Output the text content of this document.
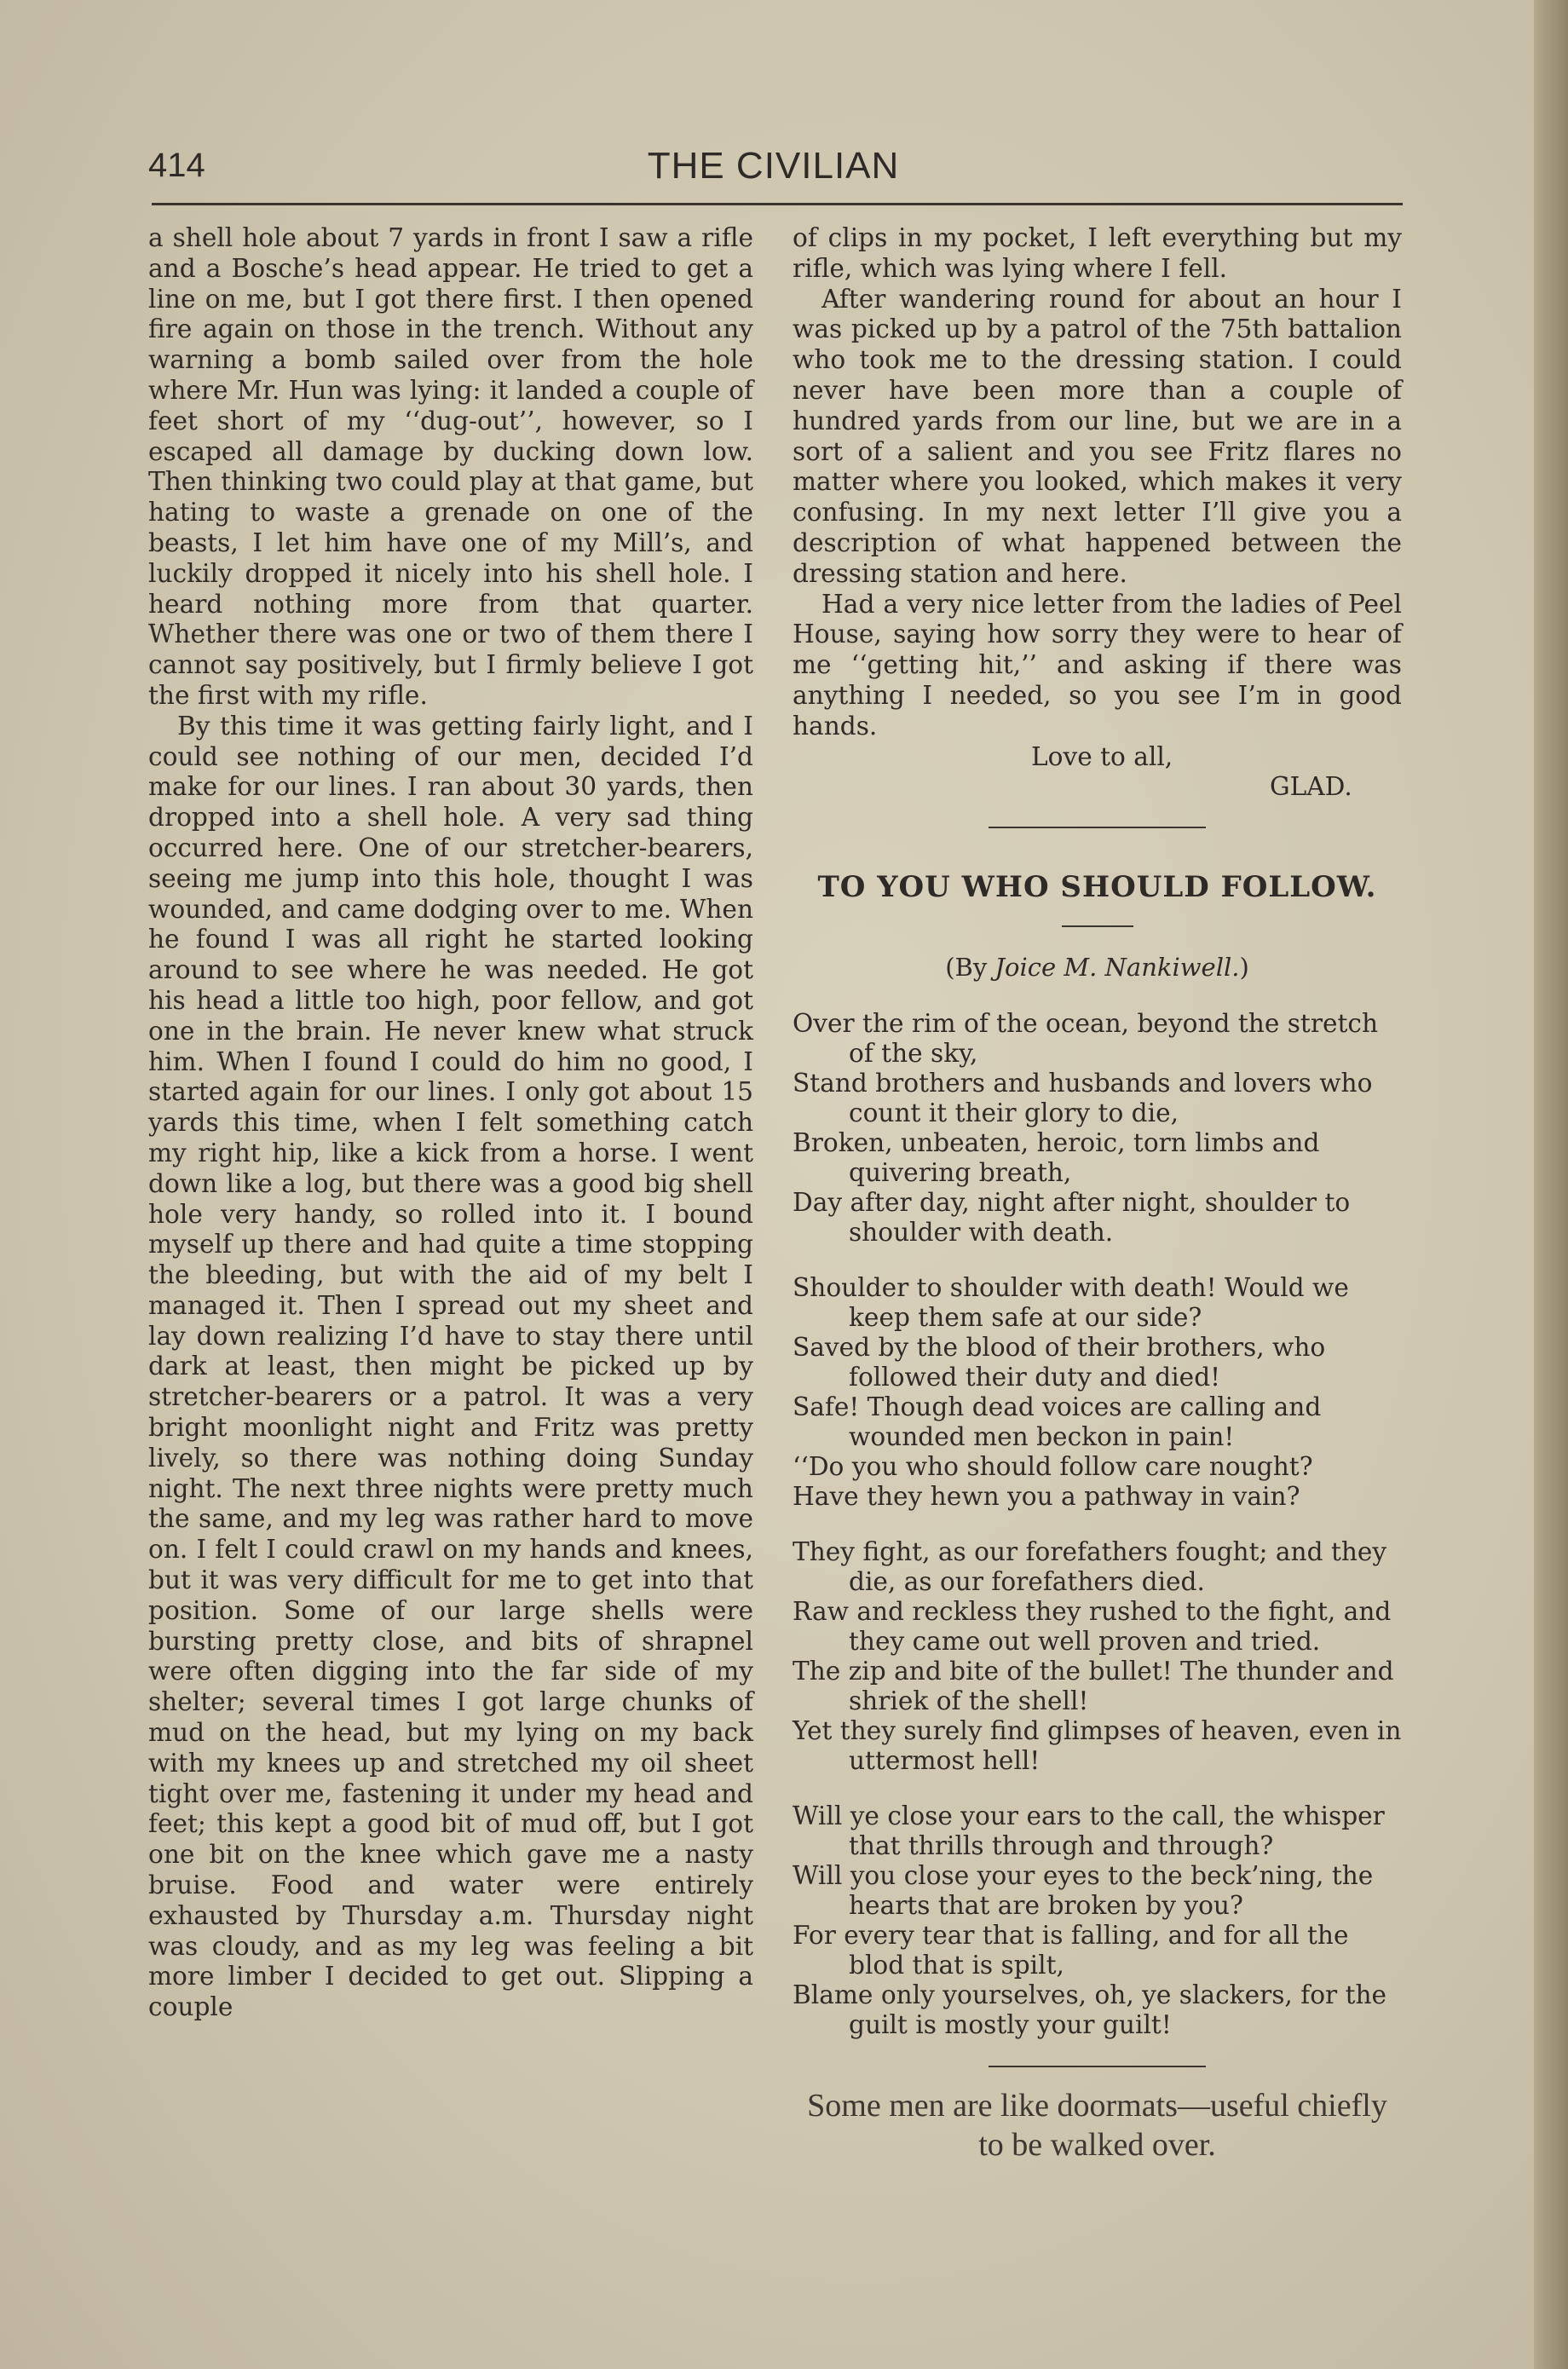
414	THE CIVILIAN

a shell hole about 7 yards in front I saw a rifle and a Bosche’s head appear. He tried to get a line on me, but I got there first. I then opened fire again on those in the trench. Without any warning a bomb sailed over from the hole where Mr. Hun was lying: it landed a couple of feet short of my ‘‘dug-out’’, however, so I escaped all damage by ducking down low. Then thinking two could play at that game, but hating to waste a grenade on one of the beasts, I let him have one of my Mill’s, and luckily dropped it nicely into his shell hole. I heard nothing more from that quarter. Whether there was one or two of them there I cannot say positively, but I firmly believe I got the first with my rifle.

By this time it was getting fairly light, and I could see nothing of our men, decided I’d make for our lines. I ran about 30 yards, then dropped into a shell hole. A very sad thing occurred here. One of our stretcher-bearers, seeing me jump into this hole, thought I was wounded, and came dodging over to me. When he found I was all right he started looking around to see where he was needed. He got his head a little too high, poor fellow, and got one in the brain. He never knew what struck him. When I found I could do him no good, I started again for our lines. I only got about 15 yards this time, when I felt something catch my right hip, like a kick from a horse. I went down like a log, but there was a good big shell hole very handy, so rolled into it. I bound myself up there and had quite a time stopping the bleeding, but with the aid of my belt I managed it. Then I spread out my sheet and lay down realizing I’d have to stay there until dark at least, then might be picked up by stretcher-bearers or a patrol. It was a very bright moonlight night and Fritz was pretty lively, so there was nothing doing Sunday night. The next three nights were pretty much the same, and my leg was rather hard to move on. I felt I could crawl on my hands and knees, but it was very difficult for me to get into that position. Some of our large shells were bursting pretty close, and bits of shrapnel were often digging into the far side of my shelter; several times I got large chunks of mud on the head, but my lying on my back with my knees up and stretched my oil sheet tight over me, fastening it under my head and feet; this kept a good bit of mud off, but I got one bit on the knee which gave me a nasty bruise. Food and water were entirely exhausted by Thursday a.m. Thursday night was cloudy, and as my leg was feeling a bit more limber I decided to get out. Slipping a couple

of clips in my pocket, I left everything but my rifle, which was lying where I fell.

After wandering round for about an hour I was picked up by a patrol of the 75th battalion who took me to the dressing station. I could never have been more than a couple of hundred yards from our line, but we are in a sort of a salient and you see Fritz flares no matter where you looked, which makes it very confusing. In my next letter I’ll give you a description of what happened between the dressing station and here.

Had a very nice letter from the ladies of Peel House, saying how sorry they were to hear of me ‘‘getting hit,’’ and asking if there was anything I needed, so you see I’m in good hands.

Love to all,
GLAD.

TO YOU WHO SHOULD FOLLOW.

(By Joice M. Nankiwell.)

Over the rim of the ocean, beyond the stretch of the sky,

Stand brothers and husbands and lovers who count it their glory to die,

Broken, unbeaten, heroic, torn limbs and quivering breath,

Day after day, night after night, shoulder to shoulder with death.

Shoulder to shoulder with death! Would we keep them safe at our side?

Saved by the blood of their brothers, who followed their duty and died!

Safe! Though dead voices are calling and wounded men beckon in pain!

‘‘Do you who should follow care nought?

Have they hewn you a pathway in vain?

They fight, as our forefathers fought; and they die, as our forefathers died.

Raw and reckless they rushed to the fight, and they came out well proven and tried.

The zip and bite of the bullet! The thunder and shriek of the shell!

Yet they surely find glimpses of heaven, even in uttermost hell!

Will ye close your ears to the call, the whisper that thrills through and through?

Will you close your eyes to the beck’ning, the hearts that are broken by you?

For every tear that is falling, and for all the blod that is spilt,

Blame only yourselves, oh, ye slackers, for the guilt is mostly your guilt!

Some men are like doormats—useful chiefly to be walked over.
